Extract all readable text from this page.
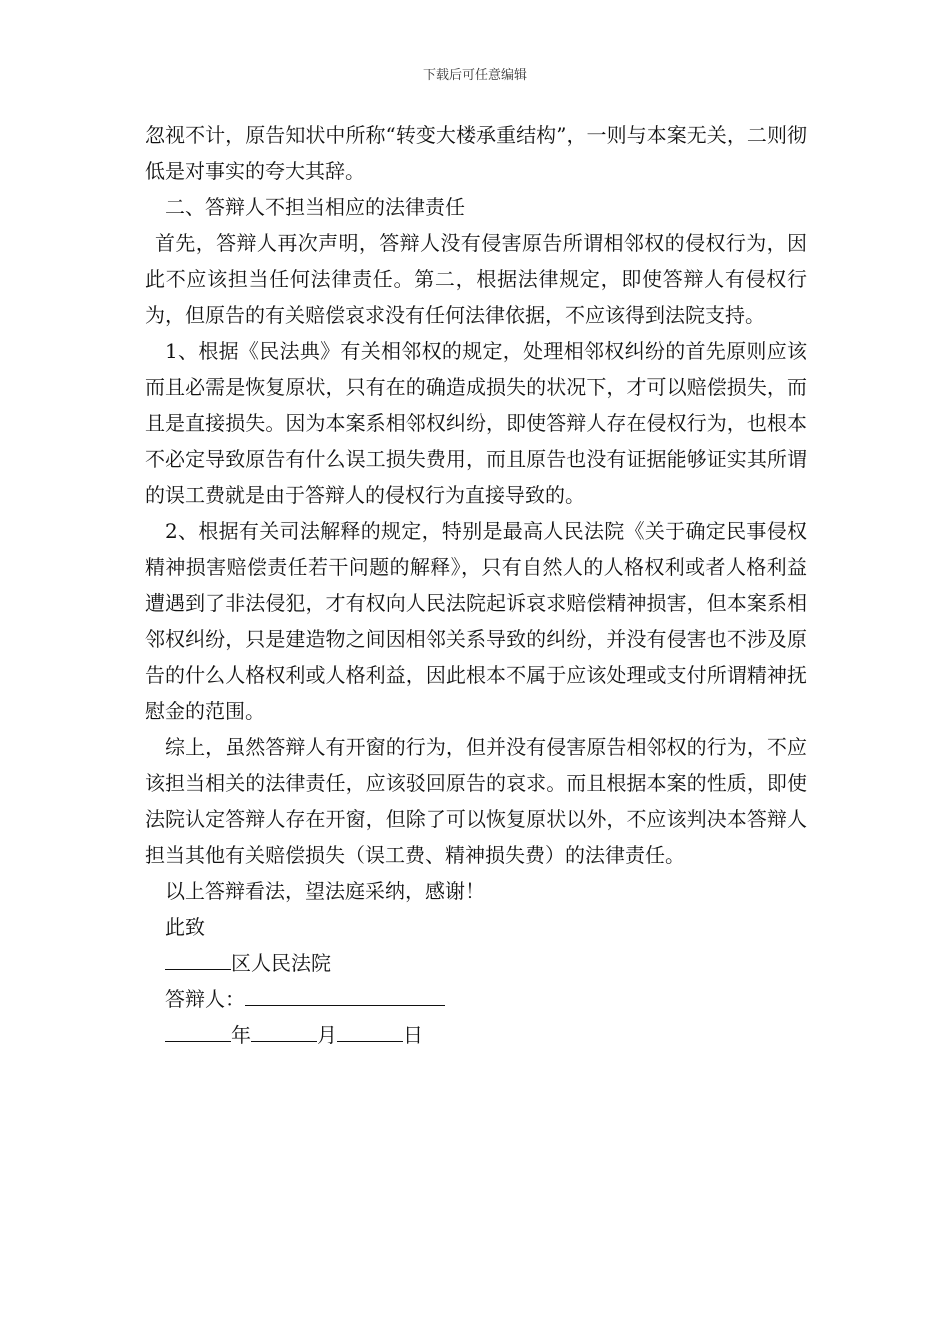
下载后可任意编辑

忽视不计，原告知状中所称“转变大楼承重结构”，一则与本案无关，二则彻低是对事实的夸大其辞。

二、答辩人不担当相应的法律责任

首先，答辩人再次声明，答辩人没有侵害原告所谓相邻权的侵权行为，因此不应该担当任何法律责任。第二，根据法律规定，即使答辩人有侵权行为，但原告的有关赔偿哀求没有任何法律依据，不应该得到法院支持。

1、根据《民法典》有关相邻权的规定，处理相邻权纠纷的首先原则应该而且必需是恢复原状，只有在的确造成损失的状况下，才可以赔偿损失，而且是直接损失。因为本案系相邻权纠纷，即使答辩人存在侵权行为，也根本不必定导致原告有什么误工损失费用，而且原告也没有证据能够证实其所谓的误工费就是由于答辩人的侵权行为直接导致的。

2、根据有关司法解释的规定，特别是最高人民法院《关于确定民事侵权精神损害赔偿责任若干问题的解释》，只有自然人的人格权利或者人格利益遭遇到了非法侵犯，才有权向人民法院起诉哀求赔偿精神损害，但本案系相邻权纠纷，只是建造物之间因相邻关系导致的纠纷，并没有侵害也不涉及原告的什么人格权利或人格利益，因此根本不属于应该处理或支付所谓精神抚慰金的范围。

综上，虽然答辩人有开窗的行为，但并没有侵害原告相邻权的行为，不应该担当相关的法律责任，应该驳回原告的哀求。而且根据本案的性质，即使法院认定答辩人存在开窗，但除了可以恢复原状以外，不应该判决本答辩人担当其他有关赔偿损失（误工费、精神损失费）的法律责任。

以上答辩看法，望法庭采纳，感谢！

此致

区人民法院

答辩人：

年	月	日
